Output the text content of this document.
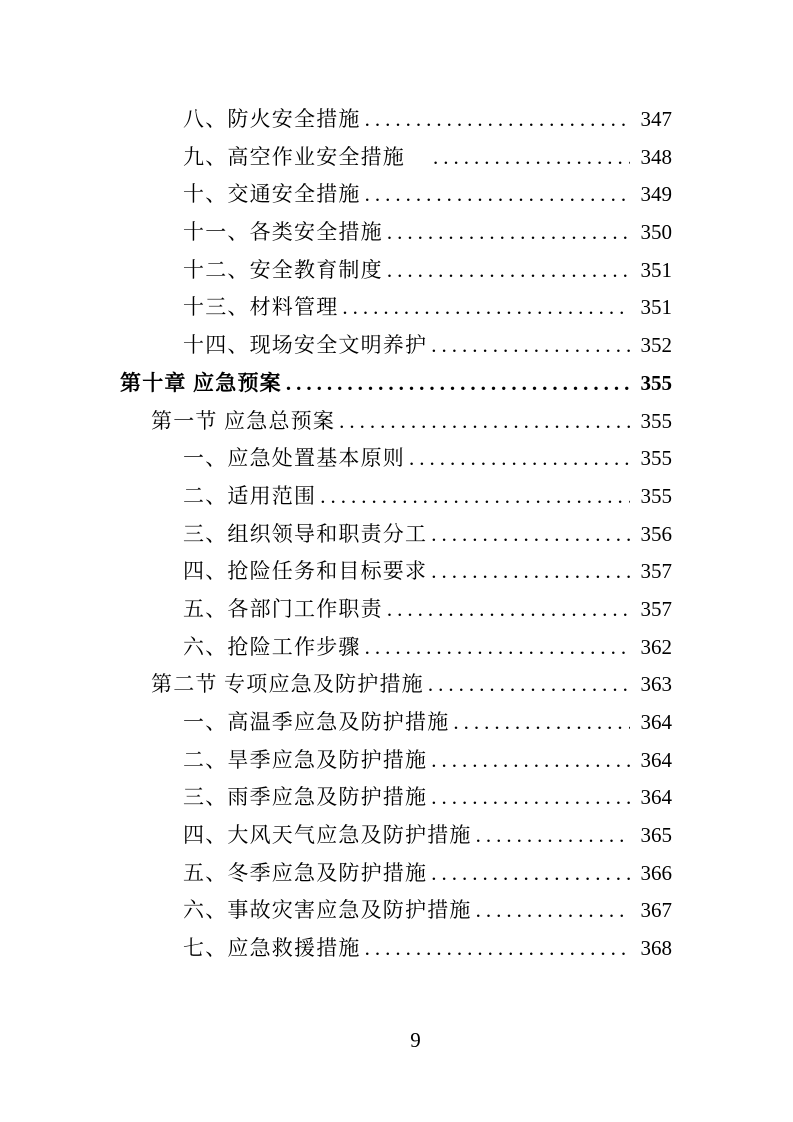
八、防火安全措施 .....	347
九、高空作业安全措施 .....	348
十、交通安全措施 .....	349
十一、各类安全措施 .....	350
十二、安全教育制度 .....	351
十三、材料管理 .....	351
十四、现场安全文明养护 .....	352
第十章 应急预案 .....	355
第一节 应急总预案 .....	355
一、应急处置基本原则 .....	355
二、适用范围 .....	355
三、组织领导和职责分工 .....	356
四、抢险任务和目标要求 .....	357
五、各部门工作职责 .....	357
六、抢险工作步骤 .....	362
第二节 专项应急及防护措施 .....	363
一、高温季应急及防护措施 .....	364
二、旱季应急及防护措施 .....	364
三、雨季应急及防护措施 .....	364
四、大风天气应急及防护措施 .....	365
五、冬季应急及防护措施 .....	366
六、事故灾害应急及防护措施 .....	367
七、应急救援措施 .....	368
9
